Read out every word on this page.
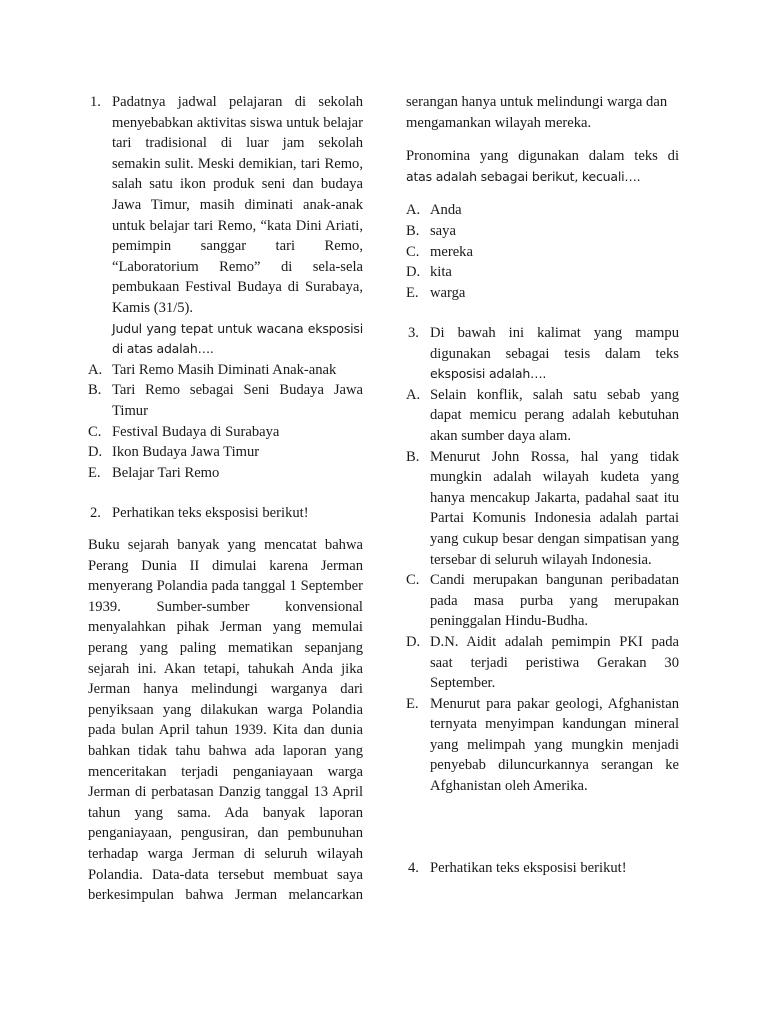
1. Padatnya jadwal pelajaran di sekolah menyebabkan aktivitas siswa untuk belajar tari tradisional di luar jam sekolah semakin sulit. Meski demikian, tari Remo, salah satu ikon produk seni dan budaya Jawa Timur, masih diminati anak-anak untuk belajar tari Remo, “kata Dini Ariati, pemimpin sanggar tari Remo, “Laboratorium Remo” di sela-sela pembukaan Festival Budaya di Surabaya, Kamis (31/5).

Judul yang tepat untuk wacana eksposisi di atas adalah….

A. Tari Remo Masih Diminati Anak-anak
B. Tari Remo sebagai Seni Budaya Jawa Timur
C. Festival Budaya di Surabaya
D. Ikon Budaya Jawa Timur
E. Belajar Tari Remo
2. Perhatikan teks eksposisi berikut!

Buku sejarah banyak yang mencatat bahwa Perang Dunia II dimulai karena Jerman menyerang Polandia pada tanggal 1 September 1939. Sumber-sumber konvensional menyalahkan pihak Jerman yang memulai perang yang paling mematikan sepanjang sejarah ini. Akan tetapi, tahukah Anda jika Jerman hanya melindungi warganya dari penyiksaan yang dilakukan warga Polandia pada bulan April tahun 1939. Kita dan dunia bahkan tidak tahu bahwa ada laporan yang menceritakan terjadi penganiayaan warga Jerman di perbatasan Danzig tanggal 13 April tahun yang sama. Ada banyak laporan penganiayaan, pengusiran, dan pembunuhan terhadap warga Jerman di seluruh wilayah Polandia. Data-data tersebut membuat saya berkesimpulan bahwa Jerman melancarkan

serangan hanya untuk melindungi warga dan mengamankan wilayah mereka.

Pronomina yang digunakan dalam teks di

atas adalah sebagai berikut, kecuali….

A. Anda
B. saya
C. mereka
D. kita
E. warga
3. Di bawah ini kalimat yang mampu digunakan sebagai tesis dalam teks

eksposisi adalah….

A. Selain konflik, salah satu sebab yang dapat memicu perang adalah kebutuhan akan sumber daya alam.
B. Menurut John Rossa, hal yang tidak mungkin adalah wilayah kudeta yang hanya mencakup Jakarta, padahal saat itu Partai Komunis Indonesia adalah partai yang cukup besar dengan simpatisan yang tersebar di seluruh wilayah Indonesia.
C. Candi merupakan bangunan peribadatan pada masa purba yang merupakan peninggalan Hindu-Budha.
D. D.N. Aidit adalah pemimpin PKI pada saat terjadi peristiwa Gerakan 30 September.
E. Menurut para pakar geologi, Afghanistan ternyata menyimpan kandungan mineral yang melimpah yang mungkin menjadi penyebab diluncurkannya serangan ke Afghanistan oleh Amerika.
4. Perhatikan teks eksposisi berikut!
